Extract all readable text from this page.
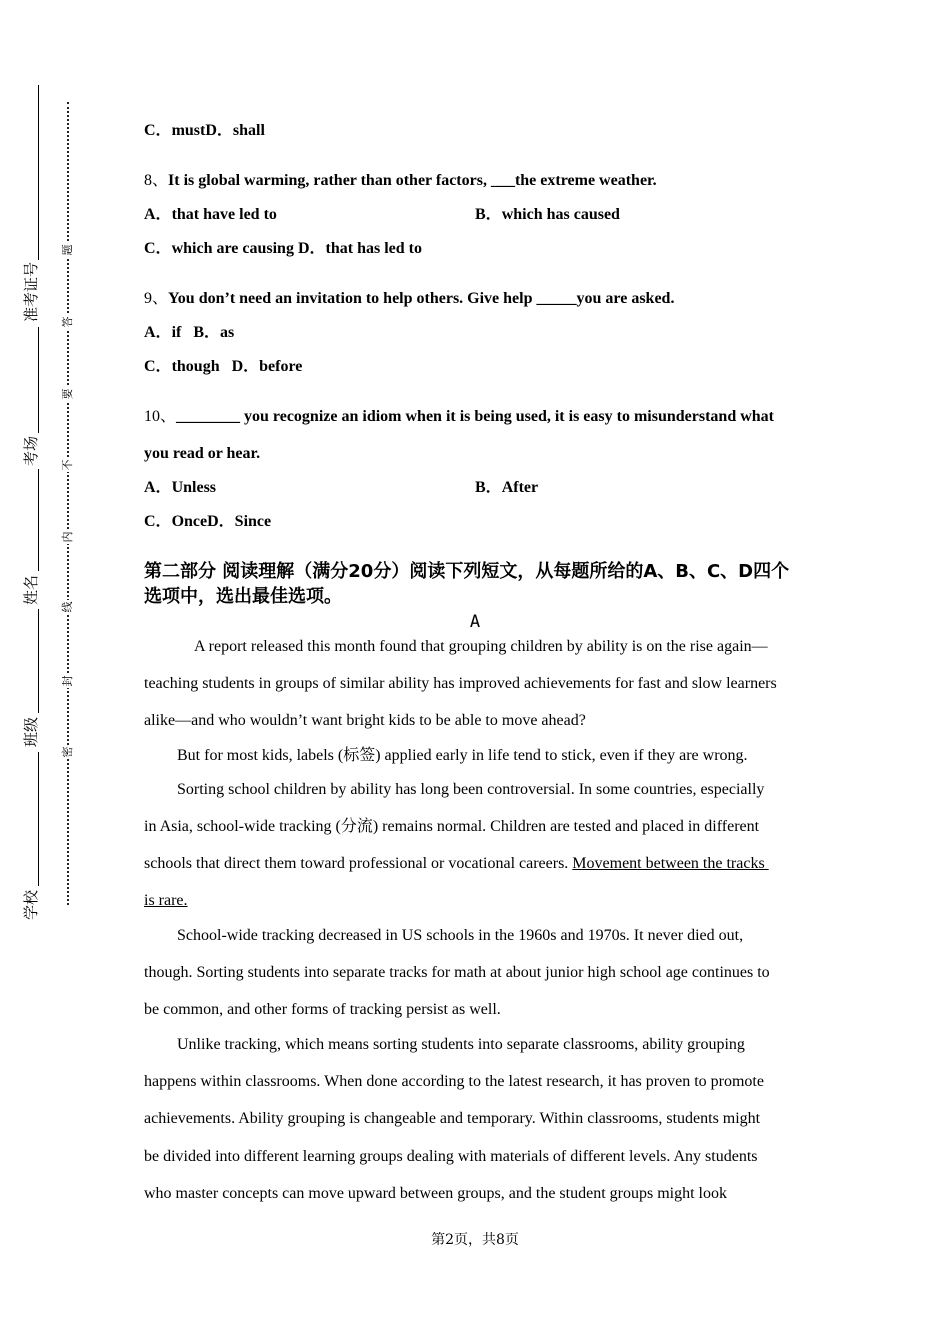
准考证号
考场
姓名
班级
学校
题
答
要
不
内
线
封
密
C．mustD．shall
8、It is global warming, rather than other factors, ___the extreme weather.
A．that have led to	B．which has caused
C．which are causing D．that has led to
9、You don’t need an invitation to help others. Give help _____you are asked.
A．if B．as
C．though D．before
10、________ you recognize an idiom when it is being used, it is easy to misunderstand what
you read or hear.
A．Unless	B．After
C．OnceD．Since
第二部分 阅读理解（满分20分）阅读下列短文，从每题所给的A、B、C、D四个
选项中，选出最佳选项。
A
A report released this month found that grouping children by ability is on the rise again—
teaching students in groups of similar ability has improved achievements for fast and slow learners
alike—and who wouldn’t want bright kids to be able to move ahead?
But for most kids, labels (标签) applied early in life tend to stick, even if they are wrong.
Sorting school children by ability has long been controversial. In some countries, especially
in Asia, school-wide tracking (分流) remains normal. Children are tested and placed in different
schools that direct them toward professional or vocational careers. Movement between the tracks
is rare.
School-wide tracking decreased in US schools in the 1960s and 1970s. It never died out,
though. Sorting students into separate tracks for math at about junior high school age continues to
be common, and other forms of tracking persist as well.
Unlike tracking, which means sorting students into separate classrooms, ability grouping
happens within classrooms. When done according to the latest research, it has proven to promote
achievements. Ability grouping is changeable and temporary. Within classrooms, students might
be divided into different learning groups dealing with materials of different levels. Any students
who master concepts can move upward between groups, and the student groups might look
第2页，共8页
